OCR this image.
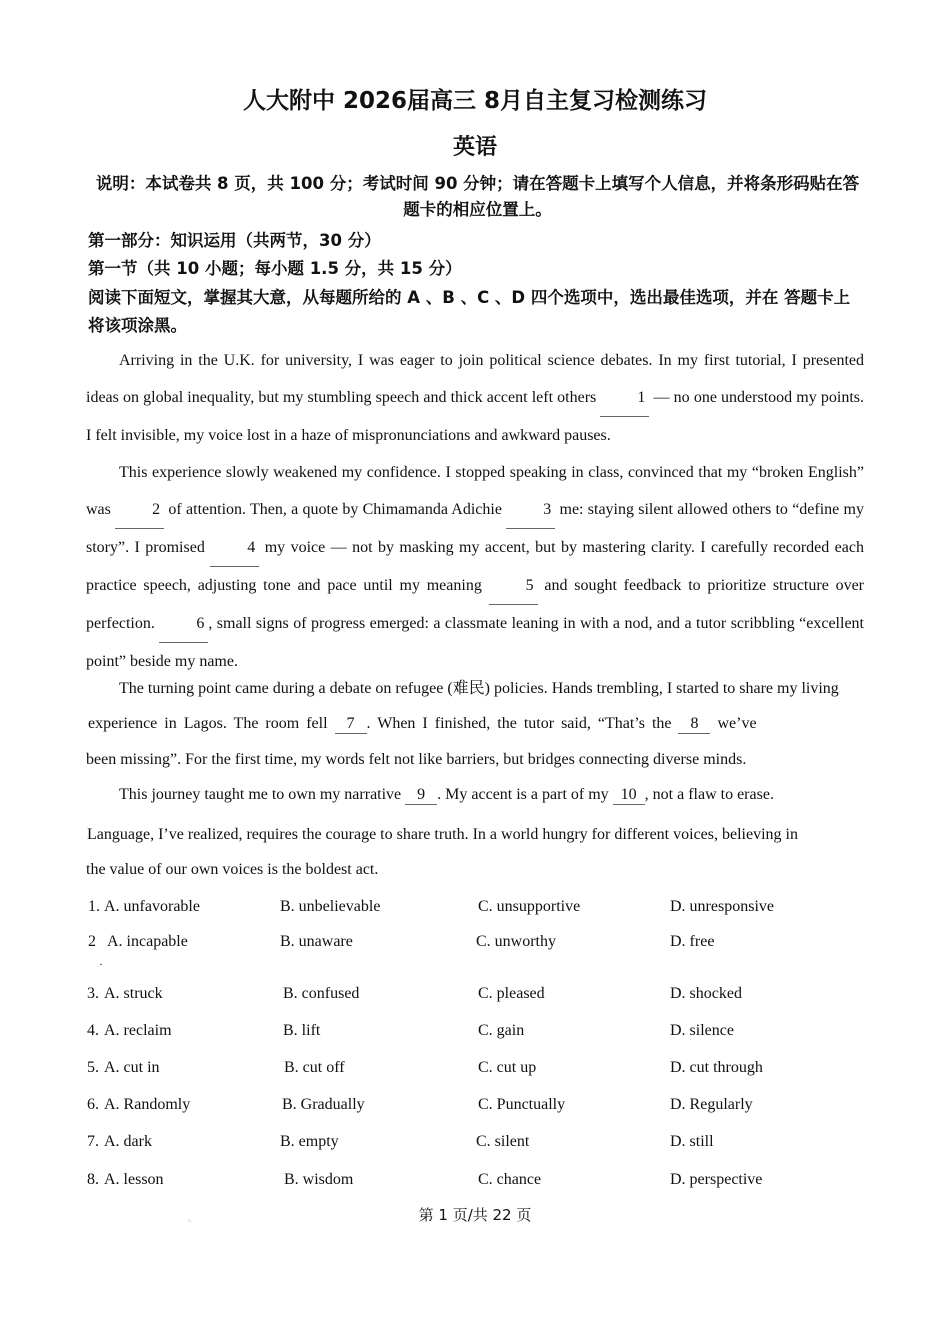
人大附中 2026届高三 8月自主复习检测练习
英语
说明：本试卷共 8 页，共 100 分；考试时间 90 分钟；请在答题卡上填写个人信息，并将条形码贴在答题卡的相应位置上。
第一部分：知识运用（共两节，30 分）
第一节（共 10 小题；每小题 1.5 分，共 15 分）
阅读下面短文，掌握其大意，从每题所给的 A 、B 、C 、D 四个选项中，选出最佳选项，并在 答题卡上将该项涂黑。

Arriving in the U.K. for university, I was eager to join political science debates. In my first tutorial, I presented ideas on global inequality, but my stumbling speech and thick accent left others 1 — no one understood my points. I felt invisible, my voice lost in a haze of mispronunciations and awkward pauses.

This experience slowly weakened my confidence. I stopped speaking in class, convinced that my “broken English” was 2 of attention. Then, a quote by Chimamanda Adichie 3 me: staying silent allowed others to “define my story”. I promised 4 my voice — not by masking my accent, but by mastering clarity. I carefully recorded each practice speech, adjusting tone and pace until my meaning 5 and sought feedback to prioritize structure over perfection. 6 , small signs of progress emerged: a classmate leaning in with a nod, and a tutor scribbling “excellent point” beside my name.

The turning point came during a debate on refugee (难民) policies. Hands trembling, I started to share my living
experience in Lagos. The room fell 7 . When I finished, the tutor said, “That’s the 8 we’ve
been missing”. For the first time, my words felt not like barriers, but bridges connecting diverse minds.
This journey taught me to own my narrative 9 . My accent is a part of my 10 , not a flaw to erase.
Language, I’ve realized, requires the courage to share truth. In a world hungry for different voices, believing in
the value of our own voices is the boldest act.
1. A. unfavorable	B. unbelievable	C. unsupportive	D. unresponsive
2 A. incapable	B. unaware	C. unworthy	D. free
·
3. A. struck	B. confused	C. pleased	D. shocked
4. A. reclaim	B. lift	C. gain	D. silence
5. A. cut in	B. cut off	C. cut up	D. cut through
6. A. Randomly	B. Gradually	C. Punctually	D. Regularly
7. A. dark	B. empty	C. silent	D. still
8. A. lesson	B. wisdom	C. chance	D. perspective
。	第 1 页/共 22 页
